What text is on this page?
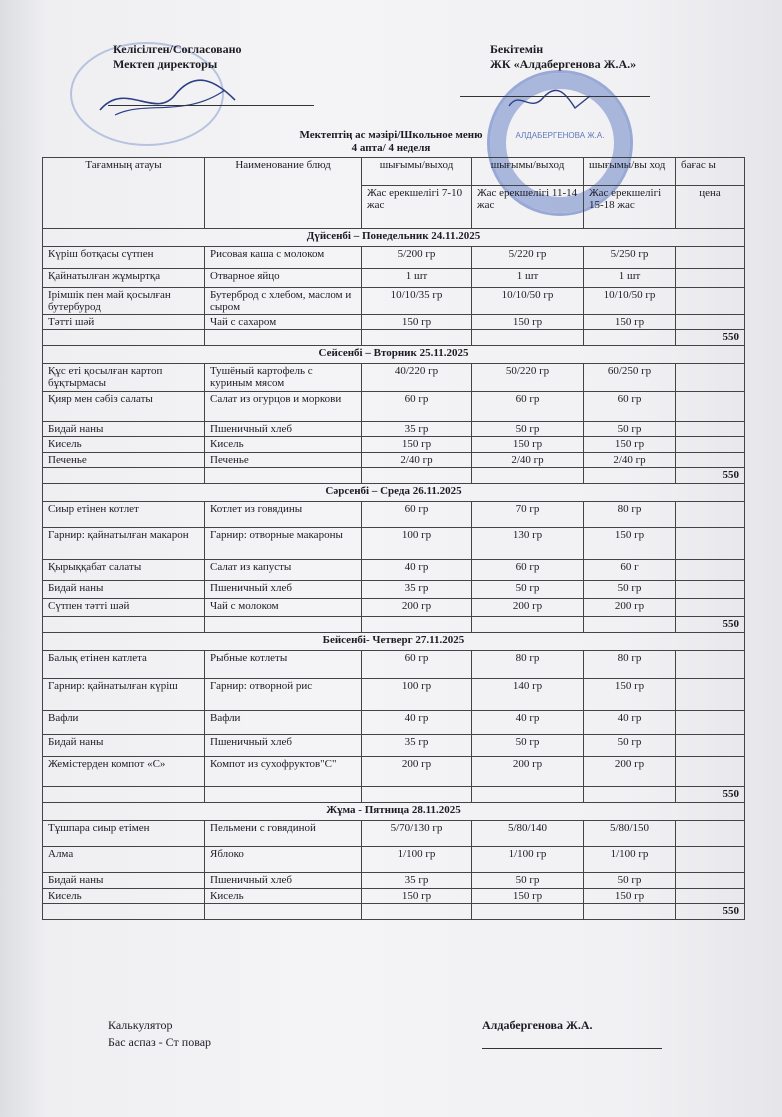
АЛДАБЕРГЕНОВА Ж.А.
Келісілген/Согласовано
Мектеп директоры
Бекітемін
ЖК «Алдабергенова Ж.А.»
Мектептің ас мәзірі/Школьное меню
4 апта/ 4 неделя
Тағамның атауы	Наименование блюд	шығымы/выход	шығымы/выход	шығымы/вы ход	бағас ы
		Жас ерекшелігі 7-10 жас	Жас ерекшелігі 11-14 жас	Жас ерекшелігі 15-18 жас	цена
Дүйсенбі – Понедельник 24.11.2025					
Күріш ботқасы сүтпен	Рисовая каша с молоком	5/200 гр	5/220 гр	5/250 гр	
Қайнатылған жұмыртқа	Отварное яйцо	1 шт	1 шт	1 шт	
Ірімшік пен май қосылған бутербурод	Бутерброд с хлебом, маслом и сыром	10/10/35 гр	10/10/50 гр	10/10/50 гр	
Тәтті шәй	Чай с сахаром	150 гр	150 гр	150 гр	
					550
Сейсенбі – Вторник 25.11.2025					
Құс еті қосылған картоп бұқтырмасы	Тушёный картофель с куриным мясом	40/220 гр	50/220 гр	60/250 гр	
Қияр мен сәбіз салаты	Салат из огурцов и моркови	60 гр	60 гр	60 гр	
Бидай наны	Пшеничный хлеб	35 гр	50 гр	50 гр	
Кисель	Кисель	150 гр	150 гр	150 гр	
Печенье	Печенье	2/40 гр	2/40 гр	2/40 гр	
					550
Сәрсенбі – Среда 26.11.2025					
Сиыр етінен котлет	Котлет из говядины	60 гр	70 гр	80 гр	
Гарнир: қайнатылған макарон	Гарнир: отворные макароны	100 гр	130 гр	150 гр	
Қырыққабат салаты	Салат из капусты	40 гр	60 гр	60 г	
Бидай наны	Пшеничный хлеб	35 гр	50 гр	50 гр	
Сүтпен тәтті шәй	Чай с молоком	200 гр	200 гр	200 гр	
					550
Бейсенбі- Четверг 27.11.2025					
Балық етінен катлета	Рыбные котлеты	60 гр	80 гр	80 гр	
Гарнир: қайнатылған күріш	Гарнир: отворной рис	100 гр	140 гр	150 гр	
Вафли	Вафли	40 гр	40 гр	40 гр	
Бидай наны	Пшеничный хлеб	35 гр	50 гр	50 гр	
Жемістерден компот «С»	Компот из сухофруктов"С"	200 гр	200 гр	200 гр	
					550
Жұма - Пятница 28.11.2025					
Тұшпара сиыр етімен	Пельмени с говядиной	5/70/130 гр	5/80/140	5/80/150	
Алма	Яблоко	1/100 гр	1/100 гр	1/100 гр	
Бидай наны	Пшеничный хлеб	35 гр	50 гр	50 гр	
Кисель	Кисель	150 гр	150 гр	150 гр	
					550
Калькулятор
Бас аспаз - Ст повар
Алдабергенова Ж.А.
